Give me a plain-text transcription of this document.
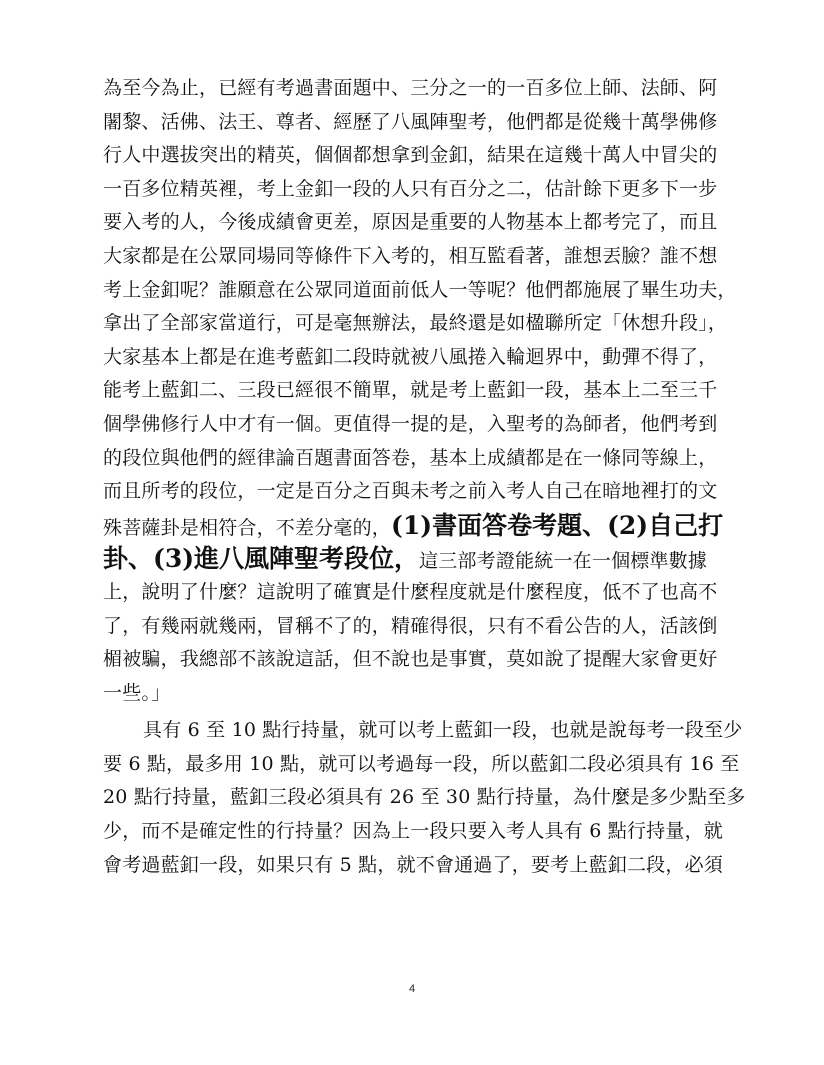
為至今為止，已經有考過書面題中、三分之一的一百多位上師、法師、阿
闍黎、活佛、法王、尊者、經歷了八風陣聖考，他們都是從幾十萬學佛修
行人中選拔突出的精英，個個都想拿到金釦，結果在這幾十萬人中冒尖的
一百多位精英裡，考上金釦一段的人只有百分之二，估計餘下更多下一步
要入考的人，今後成績會更差，原因是重要的人物基本上都考完了，而且
大家都是在公眾同場同等條件下入考的，相互監看著，誰想丟臉？誰不想
考上金釦呢？誰願意在公眾同道面前低人一等呢？他們都施展了畢生功夫，
拿出了全部家當道行，可是毫無辦法，最終還是如楹聯所定「休想升段」，
大家基本上都是在進考藍釦二段時就被八風捲入輪迴界中，動彈不得了，
能考上藍釦二、三段已經很不簡單，就是考上藍釦一段，基本上二至三千
個學佛修行人中才有一個。更值得一提的是，入聖考的為師者，他們考到
的段位與他們的經律論百題書面答卷，基本上成績都是在一條同等線上，
而且所考的段位，一定是百分之百與未考之前入考人自己在暗地裡打的文
殊菩薩卦是相符合，不差分毫的，(1)書面答卷考題、(2)自己打
卦、(3)進八風陣聖考段位，這三部考證能統一在一個標準數據
上，說明了什麼？這說明了確實是什麼程度就是什麼程度，低不了也高不
了，有幾兩就幾兩，冒稱不了的，精確得很，只有不看公告的人，活該倒
楣被騙，我總部不該說這話，但不說也是事實，莫如說了提醒大家會更好
一些。」
具有 6 至 10 點行持量，就可以考上藍釦一段，也就是說每考一段至少
要 6 點，最多用 10 點，就可以考過每一段，所以藍釦二段必須具有 16 至
20 點行持量，藍釦三段必須具有 26 至 30 點行持量，為什麼是多少點至多
少，而不是確定性的行持量？因為上一段只要入考人具有 6 點行持量，就
會考過藍釦一段，如果只有 5 點，就不會通過了，要考上藍釦二段，必須
4
